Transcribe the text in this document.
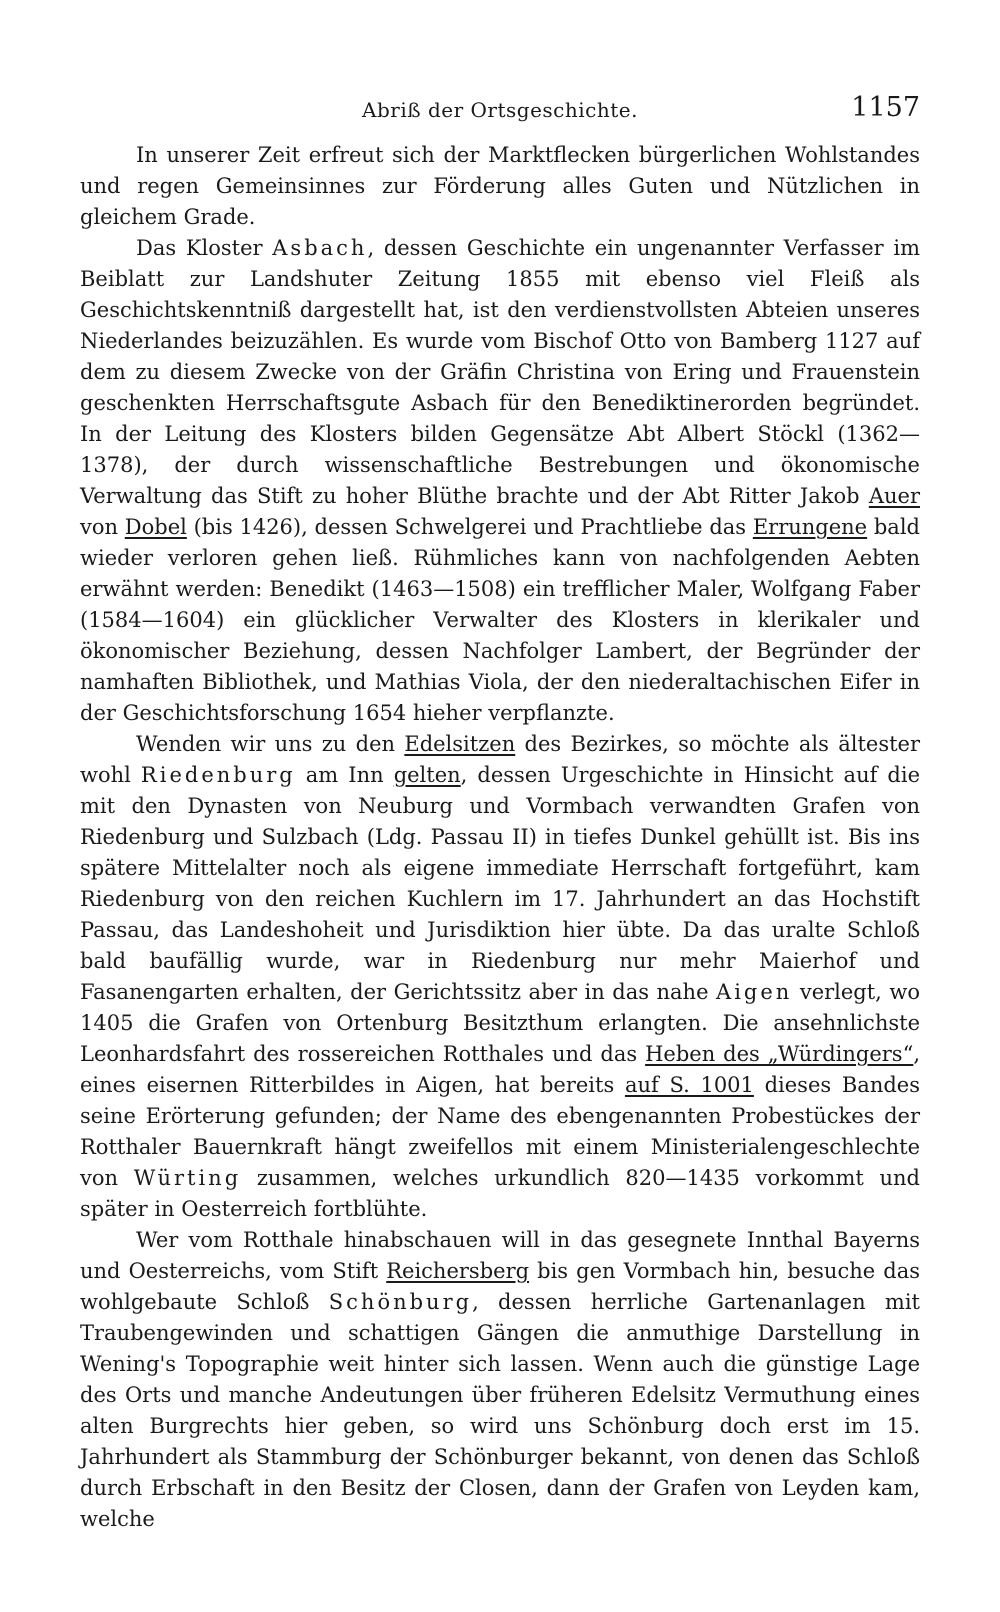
Abriß der Ortsgeschichte.	1157

In unserer Zeit erfreut sich der Marktflecken bürgerlichen Wohlstandes und regen Gemeinsinnes zur Förderung alles Guten und Nützlichen in gleichem Grade.

Das Kloster Asbach, dessen Geschichte ein ungenannter Verfasser im Beiblatt zur Landshuter Zeitung 1855 mit ebenso viel Fleiß als Geschichtskenntniß dargestellt hat, ist den verdienstvollsten Abteien unseres Niederlandes beizuzählen. Es wurde vom Bischof Otto von Bamberg 1127 auf dem zu diesem Zwecke von der Gräfin Christina von Ering und Frauenstein geschenkten Herrschaftsgute Asbach für den Benediktinerorden begründet. In der Leitung des Klosters bilden Gegensätze Abt Albert Stöckl (1362—1378), der durch wissenschaftliche Bestrebungen und ökonomische Verwaltung das Stift zu hoher Blüthe brachte und der Abt Ritter Jakob Auer von Dobel (bis 1426), dessen Schwelgerei und Prachtliebe das Errungene bald wieder verloren gehen ließ. Rühmliches kann von nachfolgenden Aebten erwähnt werden: Benedikt (1463—1508) ein trefflicher Maler, Wolfgang Faber (1584—1604) ein glücklicher Verwalter des Klosters in klerikaler und ökonomischer Beziehung, dessen Nachfolger Lambert, der Begründer der namhaften Bibliothek, und Mathias Viola, der den niederaltachischen Eifer in der Geschichtsforschung 1654 hieher verpflanzte.

Wenden wir uns zu den Edelsitzen des Bezirkes, so möchte als ältester wohl Riedenburg am Inn gelten, dessen Urgeschichte in Hinsicht auf die mit den Dynasten von Neuburg und Vormbach verwandten Grafen von Riedenburg und Sulzbach (Ldg. Passau II) in tiefes Dunkel gehüllt ist. Bis ins spätere Mittelalter noch als eigene immediate Herrschaft fortgeführt, kam Riedenburg von den reichen Kuchlern im 17. Jahrhundert an das Hochstift Passau, das Landeshoheit und Jurisdiktion hier übte. Da das uralte Schloß bald baufällig wurde, war in Riedenburg nur mehr Maierhof und Fasanengarten erhalten, der Gerichtssitz aber in das nahe Aigen verlegt, wo 1405 die Grafen von Ortenburg Besitzthum erlangten. Die ansehnlichste Leonhardsfahrt des rossereichen Rotthales und das Heben des „Würdingers“, eines eisernen Ritterbildes in Aigen, hat bereits auf S. 1001 dieses Bandes seine Erörterung gefunden; der Name des ebengenannten Probestückes der Rotthaler Bauernkraft hängt zweifellos mit einem Ministerialengeschlechte von Würting zusammen, welches urkundlich 820—1435 vorkommt und später in Oesterreich fortblühte.

Wer vom Rotthale hinabschauen will in das gesegnete Innthal Bayerns und Oesterreichs, vom Stift Reichersberg bis gen Vormbach hin, besuche das wohlgebaute Schloß Schönburg, dessen herrliche Gartenanlagen mit Traubengewinden und schattigen Gängen die anmuthige Darstellung in Wening's Topographie weit hinter sich lassen. Wenn auch die günstige Lage des Orts und manche Andeutungen über früheren Edelsitz Vermuthung eines alten Burgrechts hier geben, so wird uns Schönburg doch erst im 15. Jahrhundert als Stammburg der Schönburger bekannt, von denen das Schloß durch Erbschaft in den Besitz der Closen, dann der Grafen von Leyden kam, welche
